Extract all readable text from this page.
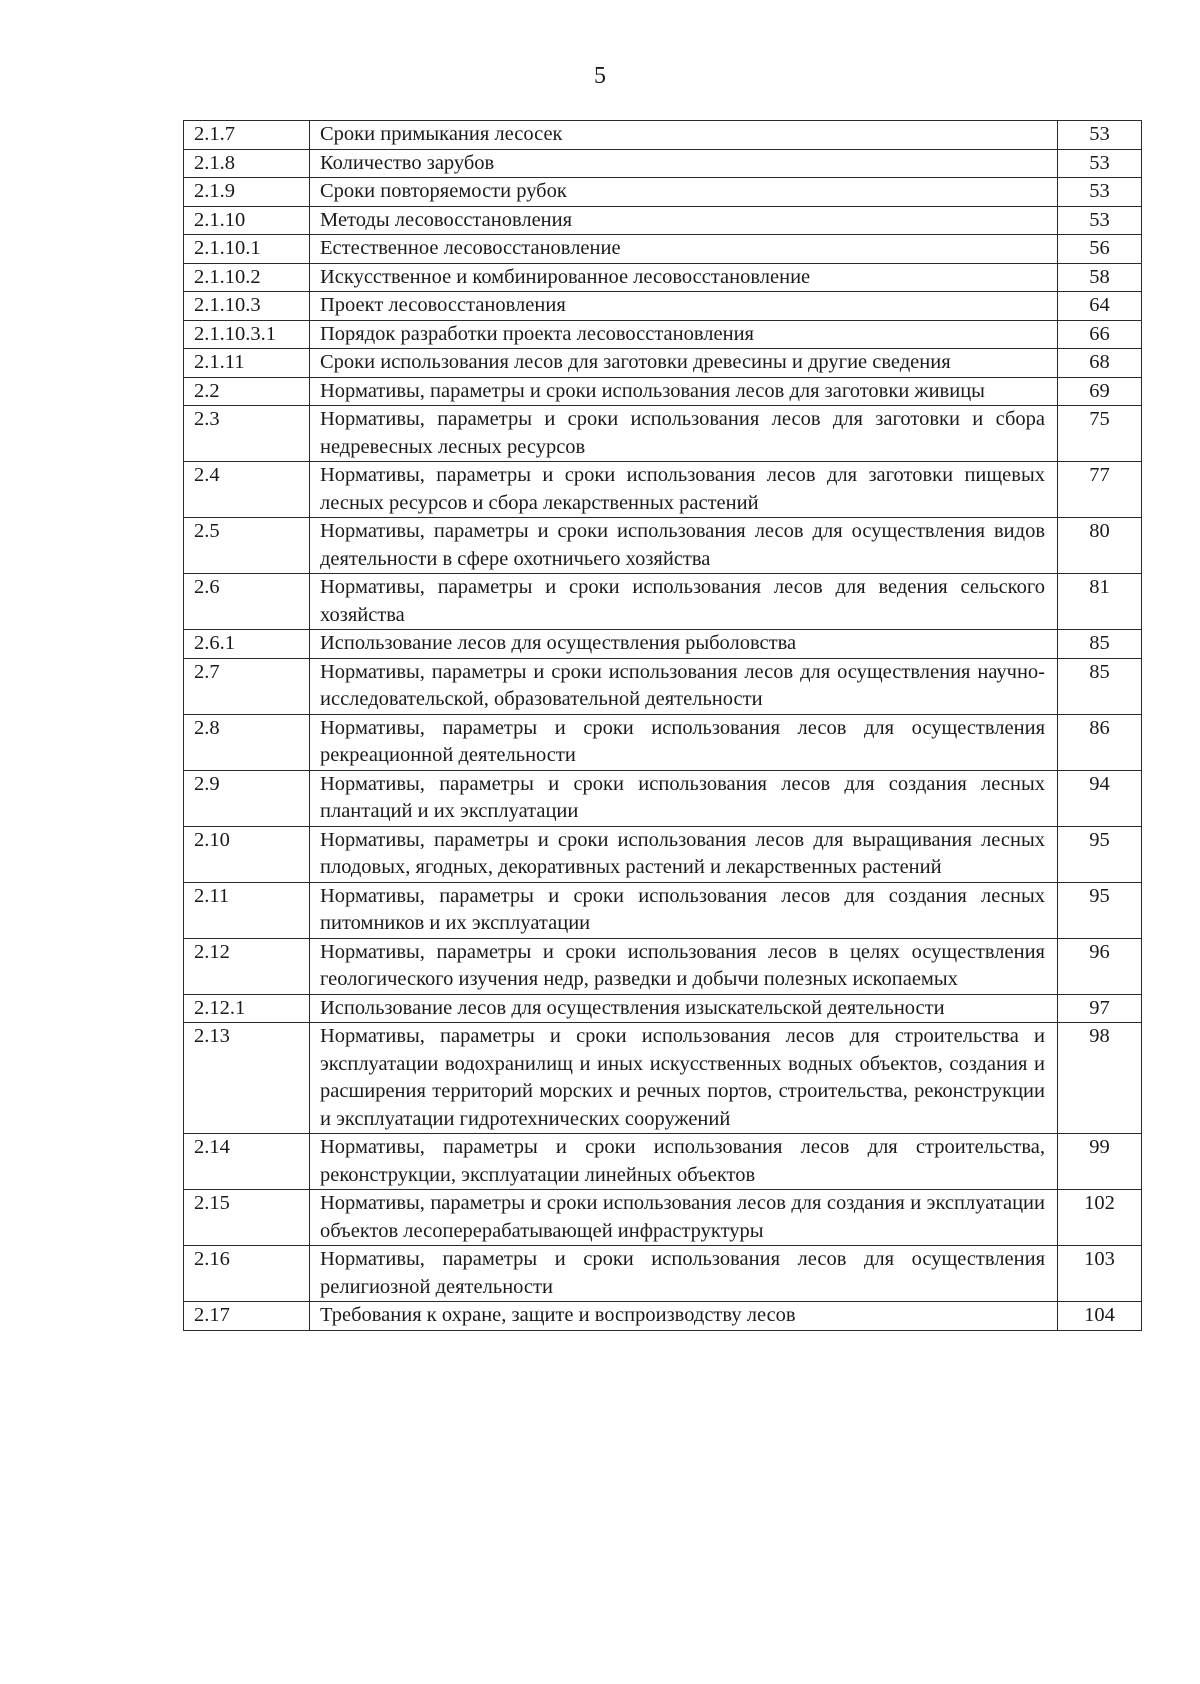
5
2.1.7	Сроки примыкания лесосек	53
2.1.8	Количество зарубов	53
2.1.9	Сроки повторяемости рубок	53
2.1.10	Методы лесовосстановления	53
2.1.10.1	Естественное лесовосстановление	56
2.1.10.2	Искусственное и комбинированное лесовосстановление	58
2.1.10.3	Проект лесовосстановления	64
2.1.10.3.1	Порядок разработки проекта лесовосстановления	66
2.1.11	Сроки использования лесов для заготовки древесины и другие сведения	68
2.2	Нормативы, параметры и сроки использования лесов для заготовки живицы	69
2.3	Нормативы, параметры и сроки использования лесов для заготовки и сбора недревесных лесных ресурсов	75
2.4	Нормативы, параметры и сроки использования лесов для заготовки пищевых лесных ресурсов и сбора лекарственных растений	77
2.5	Нормативы, параметры и сроки использования лесов для осуществления видов деятельности в сфере охотничьего хозяйства	80
2.6	Нормативы, параметры и сроки использования лесов для ведения сельского хозяйства	81
2.6.1	Использование лесов для осуществления рыболовства	85
2.7	Нормативы, параметры и сроки использования лесов для осуществления научно-исследовательской, образовательной деятельности	85
2.8	Нормативы, параметры и сроки использования лесов для осуществления рекреационной деятельности	86
2.9	Нормативы, параметры и сроки использования лесов для создания лесных плантаций и их эксплуатации	94
2.10	Нормативы, параметры и сроки использования лесов для выращивания лесных плодовых, ягодных, декоративных растений и лекарственных растений	95
2.11	Нормативы, параметры и сроки использования лесов для создания лесных питомников и их эксплуатации	95
2.12	Нормативы, параметры и сроки использования лесов в целях осуществления геологического изучения недр, разведки и добычи полезных ископаемых	96
2.12.1	Использование лесов для осуществления изыскательской деятельности	97
2.13	Нормативы, параметры и сроки использования лесов для строительства и эксплуатации водохранилищ и иных искусственных водных объектов, создания и расширения территорий морских и речных портов, строительства, реконструкции и эксплуатации гидротехнических сооружений	98
2.14	Нормативы, параметры и сроки использования лесов для строительства, реконструкции, эксплуатации линейных объектов	99
2.15	Нормативы, параметры и сроки использования лесов для создания и эксплуатации объектов лесоперерабатывающей инфраструктуры	102
2.16	Нормативы, параметры и сроки использования лесов для осуществления религиозной деятельности	103
2.17	Требования к охране, защите и воспроизводству лесов	104
